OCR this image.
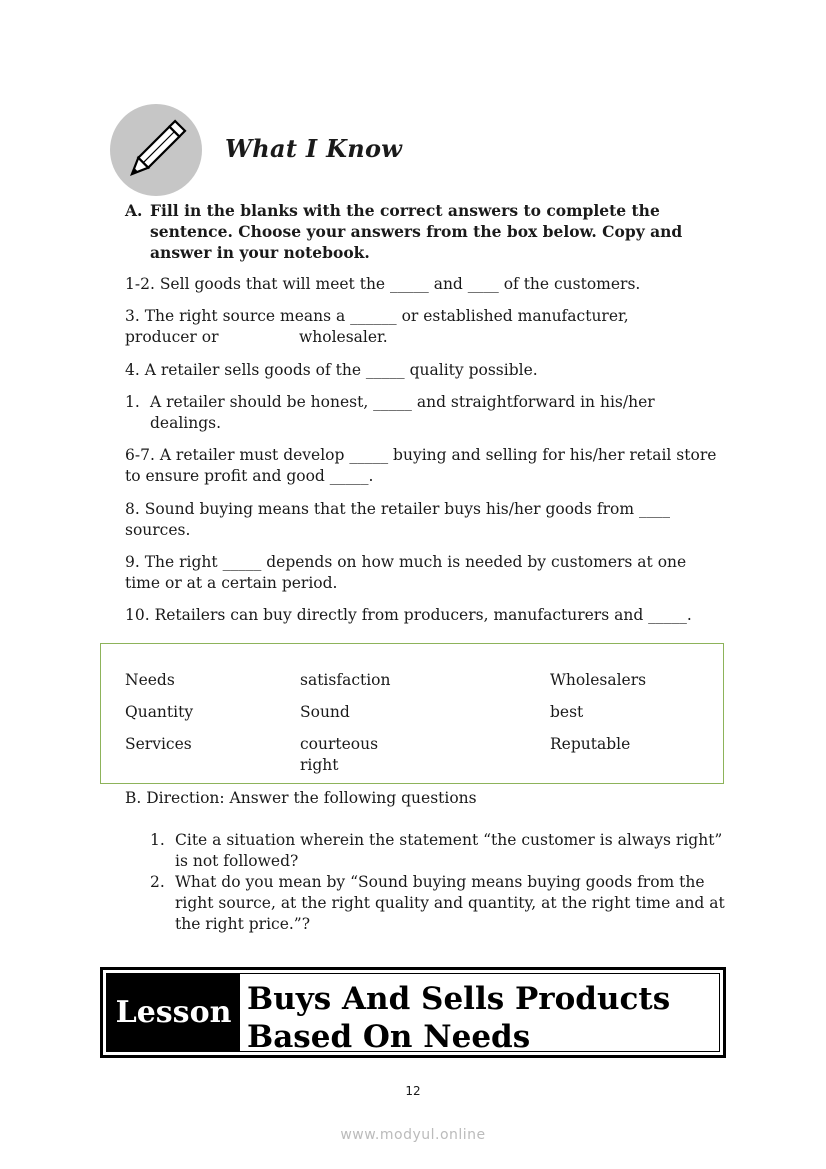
What I Know
A. Fill in the blanks with the correct answers to complete the sentence. Choose your answers from the box below. Copy and answer in your notebook.
1-2. Sell goods that will meet the _____ and ____ of the customers.
3. The right source means a ______ or established manufacturer,
producer or	wholesaler.
4. A retailer sells goods of the _____ quality possible.
1. A retailer should be honest, _____ and straightforward in his/her dealings.
6-7. A retailer must develop _____ buying and selling for his/her retail store to ensure profit and good _____.
8. Sound buying means that the retailer buys his/her goods from ____ sources.
9. The right _____ depends on how much is needed by customers at one time or at a certain period.
10. Retailers can buy directly from producers, manufacturers and _____.
Needs
Quantity
Services
satisfaction
Sound
courteous
right
Wholesalers
best
Reputable
B. Direction: Answer the following questions
1. Cite a situation wherein the statement “the customer is always right” is not followed?
2. What do you mean by “Sound buying means buying goods from the right source, at the right quality and quantity, at the right time and at the right price.”?
Lesson Buys And Sells Products
Based On Needs
12
www.modyul.online
